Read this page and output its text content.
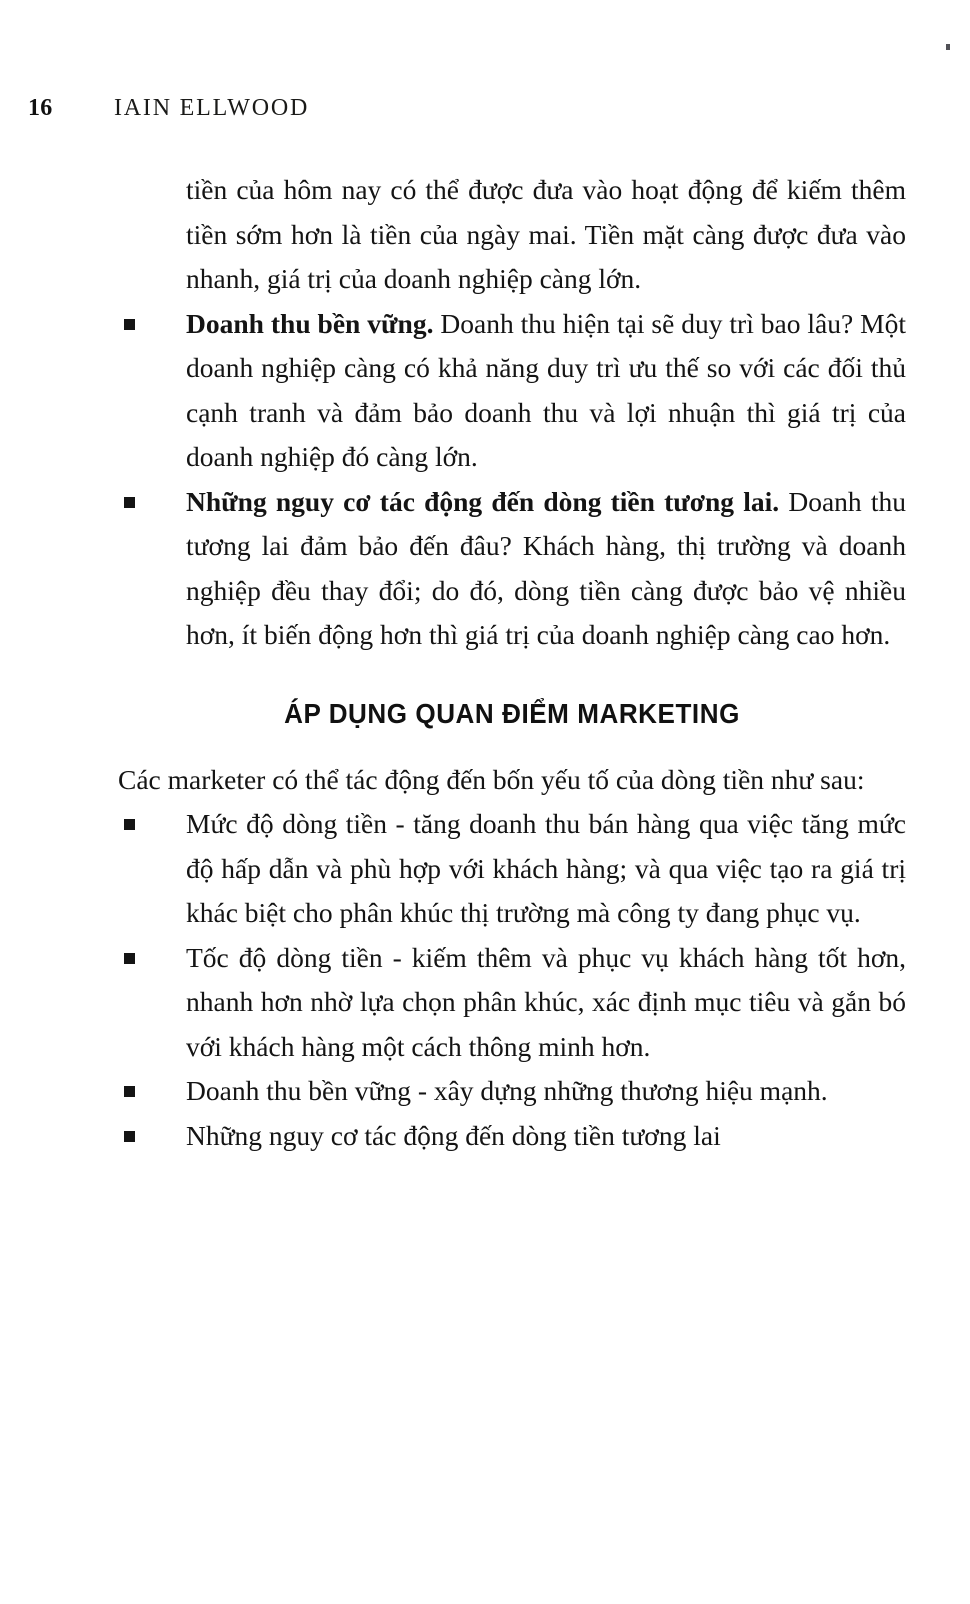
16	IAIN ELLWOOD

tiền của hôm nay có thể được đưa vào hoạt động để kiếm thêm tiền sớm hơn là tiền của ngày mai. Tiền mặt càng được đưa vào nhanh, giá trị của doanh nghiệp càng lớn.

Doanh thu bền vững. Doanh thu hiện tại sẽ duy trì bao lâu? Một doanh nghiệp càng có khả năng duy trì ưu thế so với các đối thủ cạnh tranh và đảm bảo doanh thu và lợi nhuận thì giá trị của doanh nghiệp đó càng lớn.
Những nguy cơ tác động đến dòng tiền tương lai. Doanh thu tương lai đảm bảo đến đâu? Khách hàng, thị trường và doanh nghiệp đều thay đổi; do đó, dòng tiền càng được bảo vệ nhiều hơn, ít biến động hơn thì giá trị của doanh nghiệp càng cao hơn.
ÁP DỤNG QUAN ĐIỂM MARKETING

Các marketer có thể tác động đến bốn yếu tố của dòng tiền như sau:

Mức độ dòng tiền - tăng doanh thu bán hàng qua việc tăng mức độ hấp dẫn và phù hợp với khách hàng; và qua việc tạo ra giá trị khác biệt cho phân khúc thị trường mà công ty đang phục vụ.
Tốc độ dòng tiền - kiếm thêm và phục vụ khách hàng tốt hơn, nhanh hơn nhờ lựa chọn phân khúc, xác định mục tiêu và gắn bó với khách hàng một cách thông minh hơn.
Doanh thu bền vững - xây dựng những thương hiệu mạnh.
Những nguy cơ tác động đến dòng tiền tương lai
